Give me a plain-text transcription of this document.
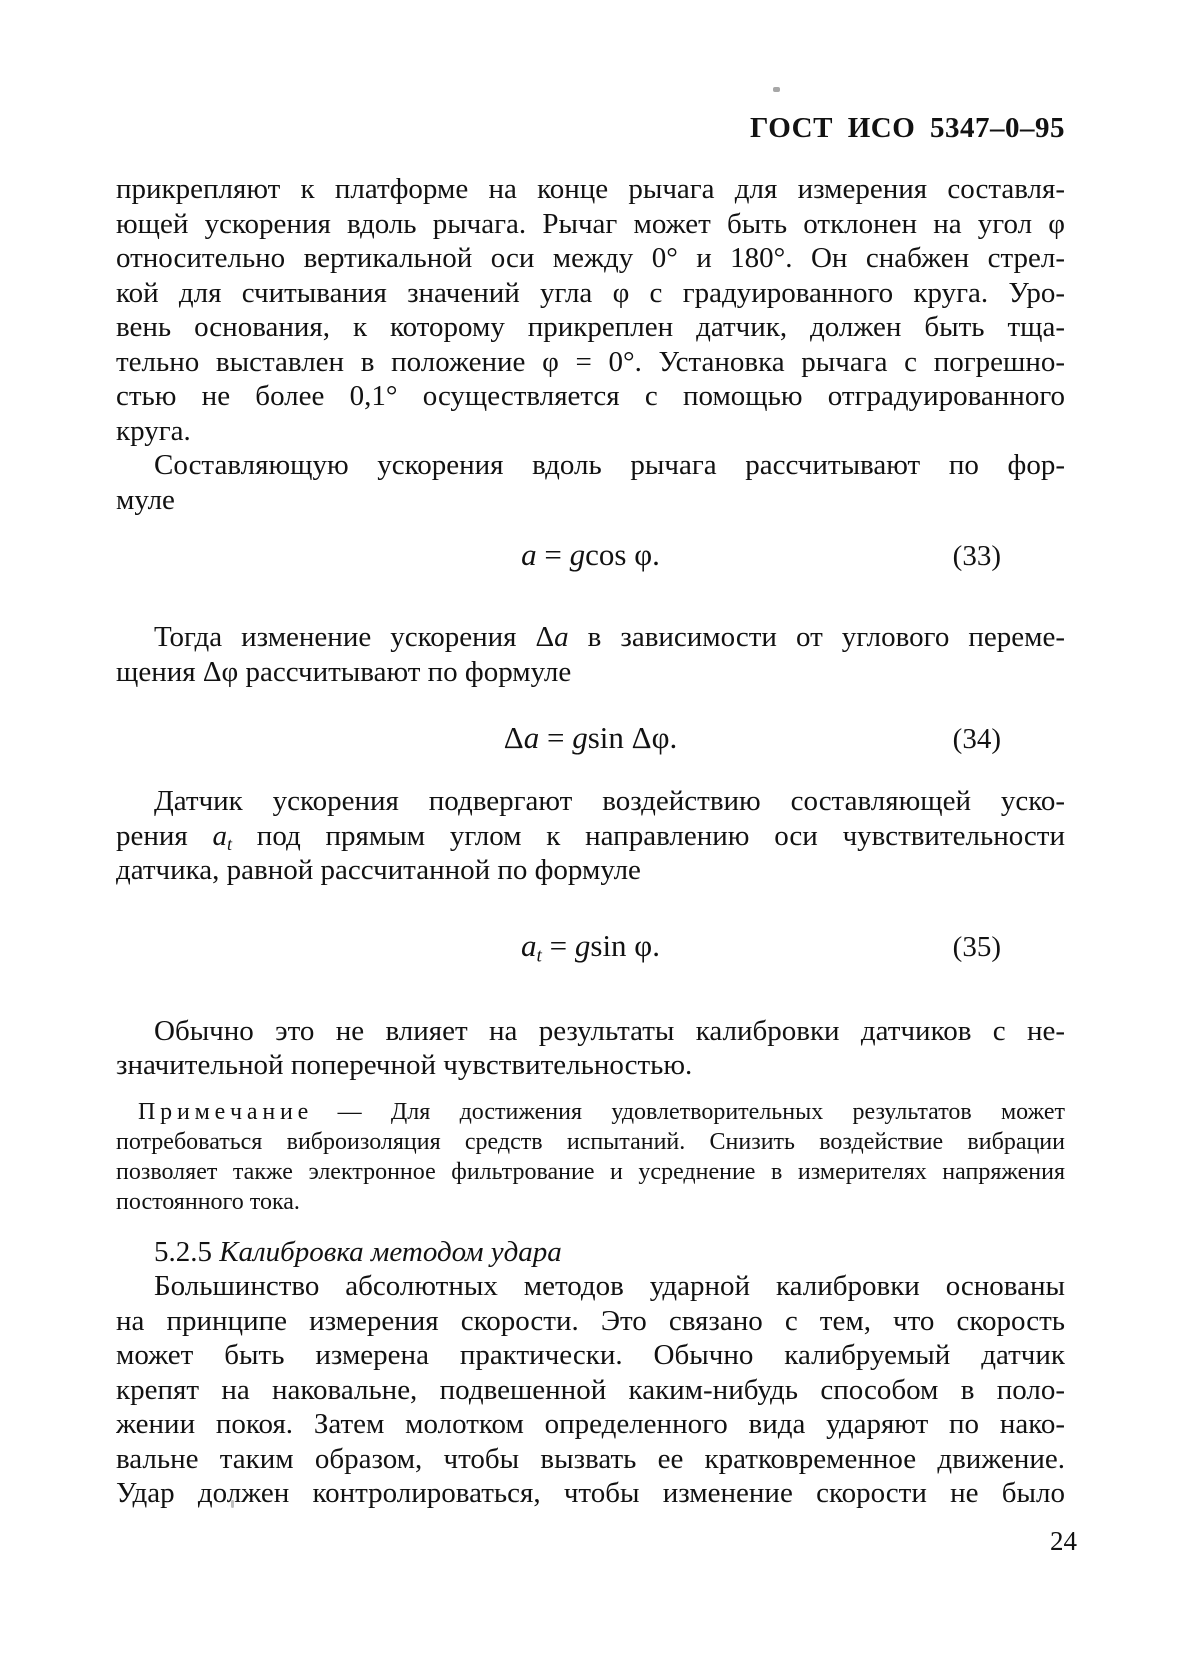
ГОСТ ИСО 5347–0–95
прикрепляют к платформе на конце рычага для измерения составля-
ющей ускорения вдоль рычага. Рычаг может быть отклонен на угол φ
относительно вертикальной оси между 0° и 180°. Он снабжен стрел-
кой для считывания значений угла φ с градуированного круга. Уро-
вень основания, к которому прикреплен датчик, должен быть тща-
тельно выставлен в положение φ = 0°. Установка рычага с погрешно-
стью не более 0,1° осуществляется с помощью отградуированного
круга.
Составляющую ускорения вдоль рычага рассчитывают по фор-
муле
a = gcos φ.	(33)
Тогда изменение ускорения Δa в зависимости от углового переме-
щения Δφ рассчитывают по формуле
Δa = gsin Δφ.	(34)
Датчик ускорения подвергают воздействию составляющей уско-
рения $a_t$ под прямым углом к направлению оси чувствительности
датчика, равной рассчитанной по формуле
$a_t = gsin$ φ.	(35)
Обычно это не влияет на результаты калибровки датчиков с не-
значительной поперечной чувствительностью.
П р и м е ч а н и е — Для достижения удовлетворительных результатов может
потребоваться виброизоляция средств испытаний. Снизить воздействие вибрации
позволяет также электронное фильтрование и усреднение в измерителях напряжения
постоянного тока.
5.2.5 Калибровка методом удара
Большинство абсолютных методов ударной калибровки основаны
на принципе измерения скорости. Это связано с тем, что скорость
может быть измерена практически. Обычно калибруемый датчик
крепят на наковальне, подвешенной каким-нибудь способом в поло-
жении покоя. Затем молотком определенного вида ударяют по нако-
вальне таким образом, чтобы вызвать ее кратковременное движение.
Удар должен контролироваться, чтобы изменение скорости не было
24
